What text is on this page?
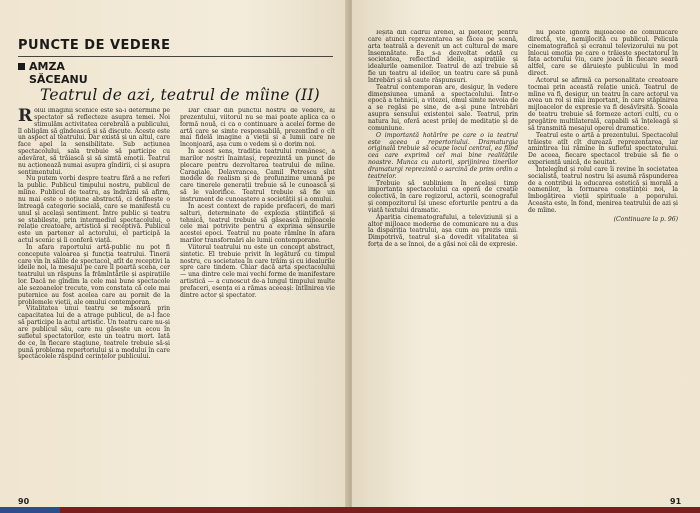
PUNCTE DE VEDERE
AMZA
SĂCEANU
Teatrul de azi, teatrul de mîine (II)

Rolul imaginii scenice este să-i determine pe spectator să reflecteze asupra temei. Noi stimulăm activitatea cerebrală a publicului, îl obligăm să gîndească și să discute. Aceste este un aspect al teatrului. Dar există și un altul, care face apel la sensibilitate. Sub acțiunea spectacolului, sala trebuie să participe cu adevărat, să trăiască și să simtă emoții. Teatrul nu acționează numai asupra gîndirii, ci și asupra sentimentului.

Nu putem vorbi despre teatru fără a ne referi la public. Publicul timpului nostru, publicul de mîine. Publicul de teatru, aș îndrăzni să afirm, nu mai este o noțiune abstractă, ci definește o întreagă categorie socială, care se manifestă cu unul și același sentiment. Între public și teatru se stabilește, prin intermediul spectacolului, o relație creatoare, artistică și receptivă. Publicul este un partener al actorului, el participă la actul scenic și îi conferă viață.

În afara raportului artă-public nu pot fi concepute valoarea și funcția teatrului. Tinerii care vin în sălile de spectacol, atît de receptivi la ideile noi, la mesajul pe care îl poartă scena, cer teatrului un răspuns la frămîntările și aspirațiile lor. Dacă ne gîndim la cele mai bune spectacole ale sezoanelor trecute, vom constata că cele mai puternice au fost acelea care au pornit de la problemele vieții, ale omului contemporan.

Vitalitatea unui teatru se măsoară prin capacitatea lui de a atrage publicul, de a-l face să participe la actul artistic. Un teatru care nu-și are publicul său, care nu găsește un ecou în sufletul spectatorilor, este un teatru mort. Iată de ce, în fiecare stagiune, teatrele trebuie să-și pună problema repertoriului și a modului în care spectacolele răspund cerințelor publicului.

Dar chiar din punctul nostru de vedere, al prezentului, viitorul nu se mai poate aplica ca o formă nouă, ci ca o continuare a acelei forme de artă care se simte responsabilă, prezentînd o cît mai fidelă imagine a vieții și a lumii care ne înconjoară, așa cum o vedem și o dorim noi.

În acest sens, tradiția teatrului românesc, a marilor noștri înaintași, reprezintă un punct de plecare pentru dezvoltarea teatrului de mîine. Caragiale, Delavrancea, Camil Petrescu sînt modele de realism și de profunzime umană pe care tinerele generații trebuie să le cunoască și să le valorifice. Teatrul trebuie să fie un instrument de cunoaștere a societății și a omului.

În acest context de rapide prefaceri, de mari salturi, determinate de explozia științifică și tehnică, teatrul trebuie să găsească mijloacele cele mai potrivite pentru a exprima sensurile acestei epoci. Teatrul nu poate rămîne în afara marilor transformări ale lumii contemporane.

Viitorul teatrului nu este un concept abstract, sintetic. El trebuie privit în legătură cu timpul nostru, cu societatea în care trăim și cu idealurile spre care tindem. Chiar dacă arta spectacolului — una dintre cele mai vechi forme de manifestare artistică — a cunoscut de-a lungul timpului multe prefaceri, esența ei a rămas aceeași: întîlnirea vie dintre actor și spectator.

90

Ieșită din cadrul arenei, al piețelor, pentru care atunci reprezentarea se făcea pe scenă, arta teatrală a devenit un act cultural de mare însemnătate. Ea s-a dezvoltat odată cu societatea, reflectînd ideile, aspirațiile și idealurile oamenilor. Teatrul de azi trebuie să fie un teatru al ideilor, un teatru care să pună întrebări și să caute răspunsuri.

Teatrul contemporan are, desigur, în vedere dimensiunea umană a spectacolului. Într-o epocă a tehnicii, a vitezei, omul simte nevoia de a se regăsi pe sine, de a-și pune întrebări asupra sensului existenței sale. Teatrul, prin natura lui, oferă acest prilej de meditație și de comuniune.

O importantă hotărîre pe care o ia teatrul este aceea a repertoriului. Dramaturgia originală trebuie să ocupe locul central, ea fiind cea care exprimă cel mai bine realitățile noastre. Munca cu autorii, sprijinirea tinerilor dramaturgi reprezintă o sarcină de prim ordin a teatrelor.

Trebuie să subliniem în același timp importanța spectacolului ca operă de creație colectivă, în care regizorul, actorii, scenograful și compozitorul își unesc eforturile pentru a da viață textului dramatic.

Apariția cinematografului, a televiziunii și a altor mijloace moderne de comunicare nu a dus la dispariția teatrului, așa cum au prezis unii. Dimpotrivă, teatrul și-a dovedit vitalitatea și forța de a se înnoi, de a găsi noi căi de expresie.

nu poate ignora mijloacele de comunicare directă, vie, nemijlocită cu publicul. Pelicula cinematografică și ecranul televizorului nu pot înlocui emoția pe care o trăiește spectatorul în fața actorului viu, care joacă în fiecare seară altfel, care se dăruiește publicului în mod direct.

Actorul se afirmă ca personalitate creatoare tocmai prin această relație unică. Teatrul de mîine va fi, desigur, un teatru în care actorul va avea un rol și mai important, în care stăpînirea mijloacelor de expresie va fi desăvîrșită. Școala de teatru trebuie să formeze actori culți, cu o pregătire multilaterală, capabili să înțeleagă și să transmită mesajul operei dramatice.

Teatrul este o artă a prezentului. Spectacolul trăiește atît cît durează reprezentarea, iar amintirea lui rămîne în sufletul spectatorului. De aceea, fiecare spectacol trebuie să fie o experiență unică, de neuitat.

Înțelegînd și rolul care îi revine în societatea socialistă, teatrul nostru își asumă răspunderea de a contribui la educarea estetică și morală a oamenilor, la formarea conștiinței noi, la îmbogățirea vieții spirituale a poporului. Aceasta este, în fond, menirea teatrului de azi și de mîine.

(Continuare la p. 96)
91
